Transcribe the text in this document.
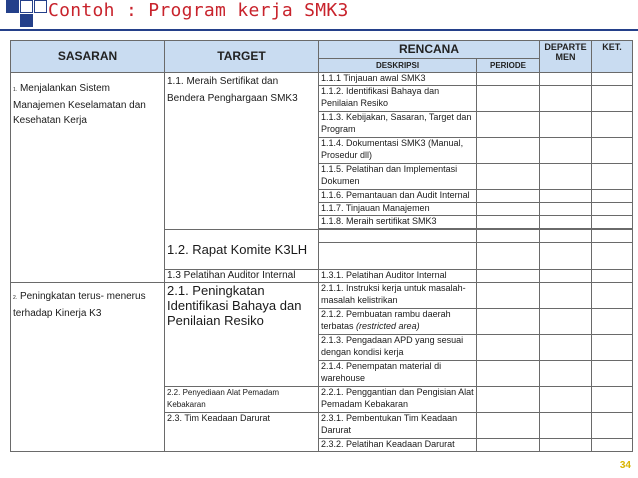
Contoh : Program kerja SMK3
SASARAN	TARGET	RENCANA		DEPARTE MEN	KET.
		DESKRIPSI	PERIODE		
1. Menjalankan Sistem Manajemen Keselamatan dan Kesehatan Kerja	1.1. Meraih Sertifikat dan Bendera Penghargaan SMK3	1.1.1 Tinjauan awal SMK3			
		1.1.2. Identifikasi Bahaya dan Penilaian Resiko			
		1.1.3. Kebijakan, Sasaran, Target dan Program			
		1.1.4. Dokumentasi SMK3 (Manual, Prosedur dll)			
		1.1.5. Pelatihan dan Implementasi Dokumen			
		1.1.6. Pemantauan dan Audit Internal			
		1.1.7. Tinjauan Manajemen			
		1.1.8. Meraih sertifikat SMK3			

	1.2. Rapat Komite K3LH				

	1.3 Pelatihan Auditor Internal	1.3.1. Pelatihan Auditor Internal			
2. Peningkatan terus- menerus terhadap Kinerja K3	2.1. Peningkatan Identifikasi Bahaya dan Penilaian Resiko	2.1.1. Instruksi kerja untuk masalah-masalah kelistrikan			
		2.1.2. Pembuatan rambu daerah terbatas (restricted area)			
		2.1.3. Pengadaan APD yang sesuai dengan kondisi kerja			
		2.1.4. Penempatan material di warehouse			
	2.2. Penyediaan Alat Pemadam Kebakaran	2.2.1. Penggantian dan Pengisian Alat Pemadam Kebakaran			
	2.3. Tim Keadaan Darurat	2.3.1. Pembentukan Tim Keadaan Darurat			
		2.3.2. Pelatihan Keadaan Darurat			
34
